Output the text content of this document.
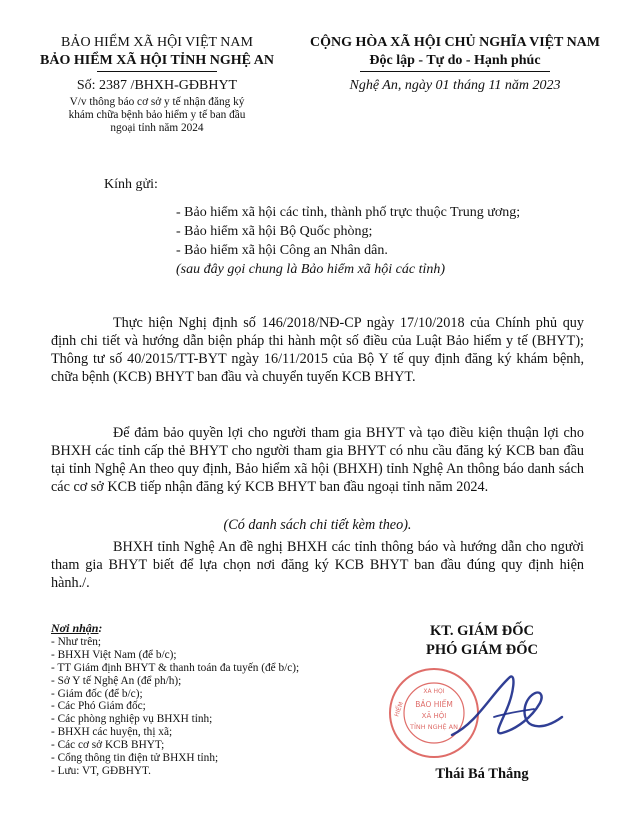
BẢO HIỂM XÃ HỘI VIỆT NAM
BẢO HIỂM XÃ HỘI TỈNH NGHỆ AN
Số: 2387 /BHXH-GĐBHYT
V/v thông báo cơ sở y tế nhận đăng ký
khám chữa bệnh bảo hiểm y tế ban đầu
ngoại tỉnh năm 2024
CỘNG HÒA XÃ HỘI CHỦ NGHĨA VIỆT NAM
Độc lập - Tự do - Hạnh phúc
Nghệ An, ngày 01 tháng 11 năm 2023
Kính gửi:
- Bảo hiểm xã hội các tỉnh, thành phố trực thuộc Trung ương;
- Bảo hiểm xã hội Bộ Quốc phòng;
- Bảo hiểm xã hội Công an Nhân dân.
(sau đây gọi chung là Bảo hiểm xã hội các tỉnh)

Thực hiện Nghị định số 146/2018/NĐ-CP ngày 17/10/2018 của Chính phủ quy định chi tiết và hướng dẫn biện pháp thi hành một số điều của Luật Bảo hiểm y tế (BHYT); Thông tư số 40/2015/TT-BYT ngày 16/11/2015 của Bộ Y tế quy định đăng ký khám bệnh, chữa bệnh (KCB) BHYT ban đầu và chuyển tuyến KCB BHYT.

Để đảm bảo quyền lợi cho người tham gia BHYT và tạo điều kiện thuận lợi cho BHXH các tỉnh cấp thẻ BHYT cho người tham gia BHYT có nhu cầu đăng ký KCB ban đầu tại tỉnh Nghệ An theo quy định, Bảo hiểm xã hội (BHXH) tỉnh Nghệ An thông báo danh sách các cơ sở KCB tiếp nhận đăng ký KCB BHYT ban đầu ngoại tỉnh năm 2024.

(Có danh sách chi tiết kèm theo).

BHXH tỉnh Nghệ An đề nghị BHXH các tỉnh thông báo và hướng dẫn cho người tham gia BHYT biết để lựa chọn nơi đăng ký KCB BHYT ban đầu đúng quy định hiện hành./.

Nơi nhận:
- Như trên;
- BHXH Việt Nam (để b/c);
- TT Giám định BHYT & thanh toán đa tuyến (để b/c);
- Sở Y tế Nghệ An (để ph/h);
- Giám đốc (để b/c);
- Các Phó Giám đốc;
- Các phòng nghiệp vụ BHXH tỉnh;
- BHXH các huyện, thị xã;
- Các cơ sở KCB BHYT;
- Cổng thông tin điện tử BHXH tỉnh;
- Lưu: VT, GĐBHYT.
KT. GIÁM ĐỐC
PHÓ GIÁM ĐỐC
XÃ HỘI
BẢO HIỂM
XÃ HỘI
TỈNH NGHỆ AN
HIỂM
Thái Bá Thắng
